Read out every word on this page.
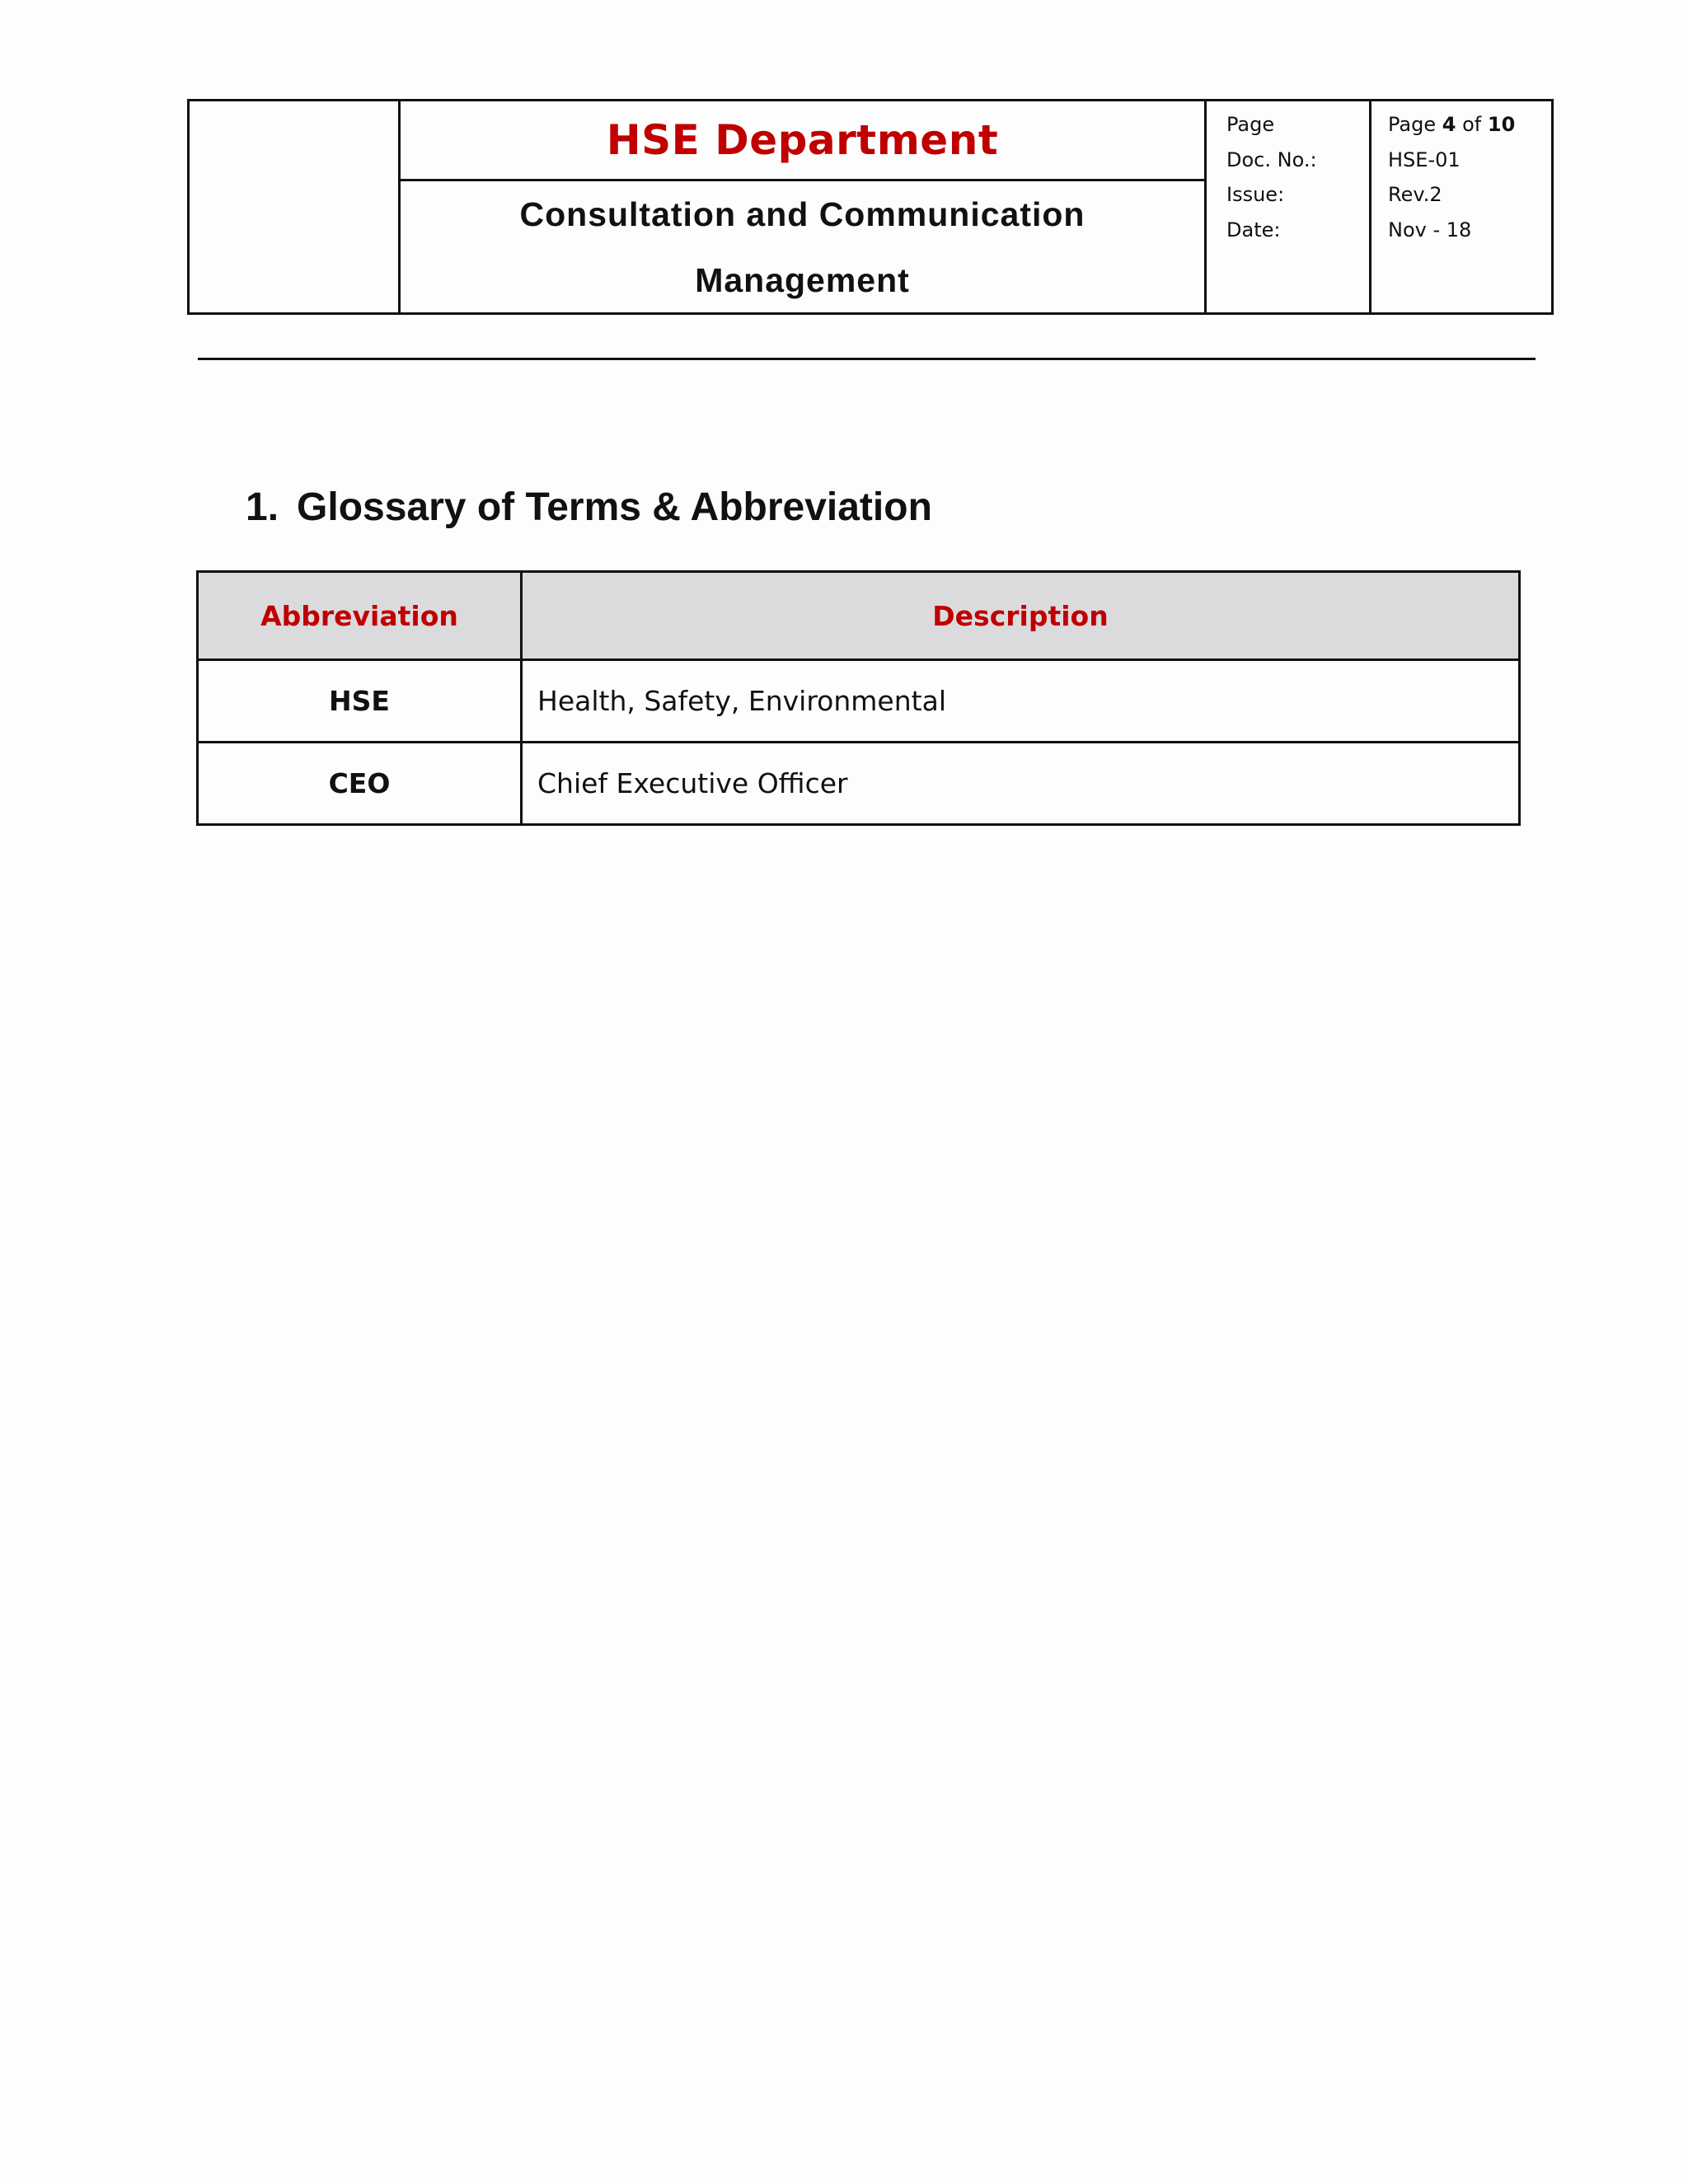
HSE Department
Consultation and Communication
Management
Page
Doc. No.:
Issue:
Date:
Page 4 of 10
HSE-01
Rev.2
Nov - 18
1. Glossary of Terms & Abbreviation
Abbreviation	Description
HSE	Health, Safety, Environmental
CEO	Chief Executive Officer
